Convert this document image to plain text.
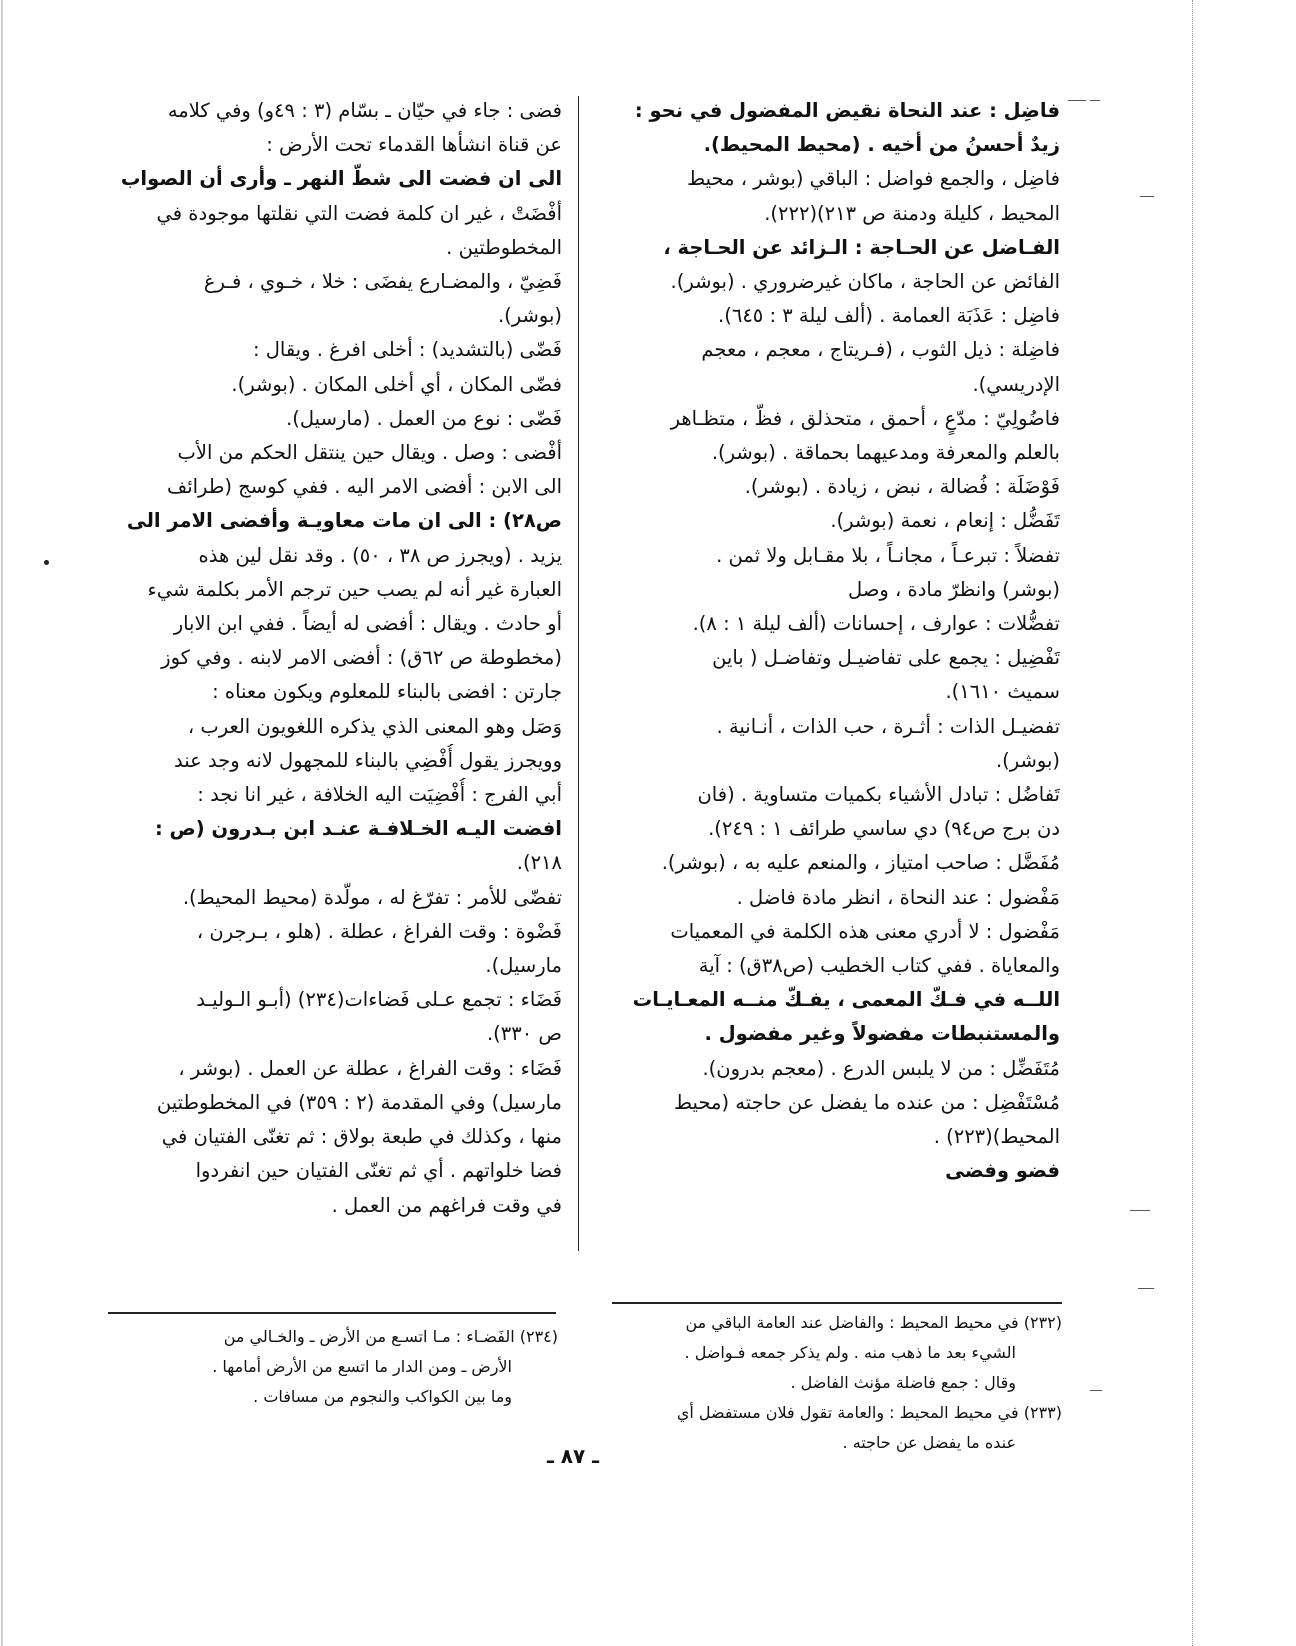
فاضِل : عند النحاة نقيض المفضول في نحو :
زيدٌ أحسنُ من أخيه . (محيط المحيط).
فاضِل ، والجمع فواضل : الباقي (بوشر ، محيط
المحيط ، كليلة ودمنة ص ٢١٣)(٢٢٢).
الفـاضل عن الحـاجة : الـزائد عن الحـاجة ،
الفائض عن الحاجة ، ماكان غيرضروري . (بوشر).
فاضِل : عَذَبَة العمامة . (ألف ليلة ٣ : ٦٤٥).
فاضِلة : ذيل الثوب ، (فـريتاج ، معجم ، معجم
الإدريسي).
فاضُولِيّ : مدّعٍ ، أحمق ، متحذلق ، فظّ ، متظـاهر
بالعلم والمعرفة ومدعيهما بحماقة . (بوشر).
فَوْضَلَة : فُضالة ، نبض ، زيادة . (بوشر).
تَفَضُّل : إنعام ، نعمة (بوشر).
تفضلاً : تبرعـاً ، مجانـاً ، بلا مقـابل ولا ثمن .
(بوشر) وانظرّ مادة ، وصل
تفضُّلات : عوارف ، إحسانات (ألف ليلة ١ : ٨).
تَفْضِيل : يجمع على تفاضيـل وتفاضـل ( باين
سميث ١٦١٠).
تفضيـل الذات : أثـرة ، حب الذات ، أنـانية .
(بوشر).
تَفاضُل : تبادل الأشياء بكميات متساوية . (فان
دن برج ص٩٤) دي ساسي طرائف ١ : ٢٤٩).
مُفَضَّل : صاحب امتياز ، والمنعم عليه به ، (بوشر).
مَفْضول : عند النحاة ، انظر مادة فاضل .
مَفْضول : لا أدري معنى هذه الكلمة في المعميات
والمعاياة . ففي كتاب الخطيب (ص٣٨ق) : آية
اللــه في فـكّ المعمى ، يفـكّ منــه المعـايـات
والمستنبطات مفضولاً وغير مفضول .
مُتَفَضِّل : من لا يلبس الدرع . (معجم بدرون).
مُسْتَفْضِل : من عنده ما يفضل عن حاجته (محيط
المحيط)(٢٢٣) .
فضو وفضى
فضى : جاء في حيّان ـ بسّام (٣ : ٤٩و) وفي كلامه
عن قناة انشأها القدماء تحت الأرض :
الى ان فضت الى شطّ النهر ـ وأرى أن الصواب
أفْضَتْ ، غير ان كلمة فضت التي نقلتها موجودة في
المخطوطتين .
فَضِيّ ، والمضـارع يفضَى : خلا ، خـوي ، فـرغ
(بوشر).
فَضّى (بالتشديد) : أخلى افرغ . ويقال :
فضّى المكان ، أي أخلى المكان . (بوشر).
فَضّى : نوع من العمل . (مارسيل).
أفْضى : وصل . ويقال حين ينتقل الحكم من الأب
الى الابن : أفضى الامر اليه . ففي كوسج (طرائف
ص٢٨) : الى ان مات معاويـة وأفضى الامر الى
يزيد . (ويجرز ص ٣٨ ، ٥٠) . وقد نقل لين هذه
العبارة غير أنه لم يصب حين ترجم الأمر بكلمة شيء
أو حادث . ويقال : أفضى له أيضاً . ففي ابن الابار
(مخطوطة ص ٦٢ق) : أفضى الامر لابنه . وفي كوز
جارتن : افضى بالبناء للمعلوم ويكون معناه :
وَصَل وهو المعنى الذي يذكره اللغويون العرب ،
وويجرز يقول أُفْضِي بالبناء للمجهول لانه وجد عند
أبي الفرج : أُفْضِيَت اليه الخلافة ، غير انا نجد :
افضت اليـه الخـلافـة عنـد ابن بـدرون (ص :
٢١٨).
تفضّى للأمر : تفرّغ له ، مولّدة (محيط المحيط).
فَضْوة : وقت الفراغ ، عطلة . (هلو ، بـرجرن ،
مارسيل).
فَضَاء : تجمع عـلى فَضاءات(٢٣٤) (أبـو الـوليـد
ص ٣٣٠).
فَضَاء : وقت الفراغ ، عطلة عن العمل . (بوشر ،
مارسيل) وفي المقدمة (٢ : ٣٥٩) في المخطوطتين
منها ، وكذلك في طبعة بولاق : ثم تغنّى الفتيان في
فضا خلواتهم . أي ثم تغنّى الفتيان حين انفردوا
في وقت فراغهم من العمل .
(٢٣٢) في محيط المحيط : والفاضل عند العامة الباقي من
الشيء بعد ما ذهب منه . ولم يذكر جمعه فـواضل .
وقال : جمع فاضلة مؤنث الفاضل .
(٢٣٣) في محيط المحيط : والعامة تقول فلان مستفضل أي
عنده ما يفضل عن حاجته .
(٢٣٤) الفَضـاء : مـا اتسـع من الأرض ـ والخـالي من
الأرض ـ ومن الدار ما اتسع من الأرض أمامها .
وما بين الكواكب والنجوم من مسافات .
ـ ٨٧ ـ
